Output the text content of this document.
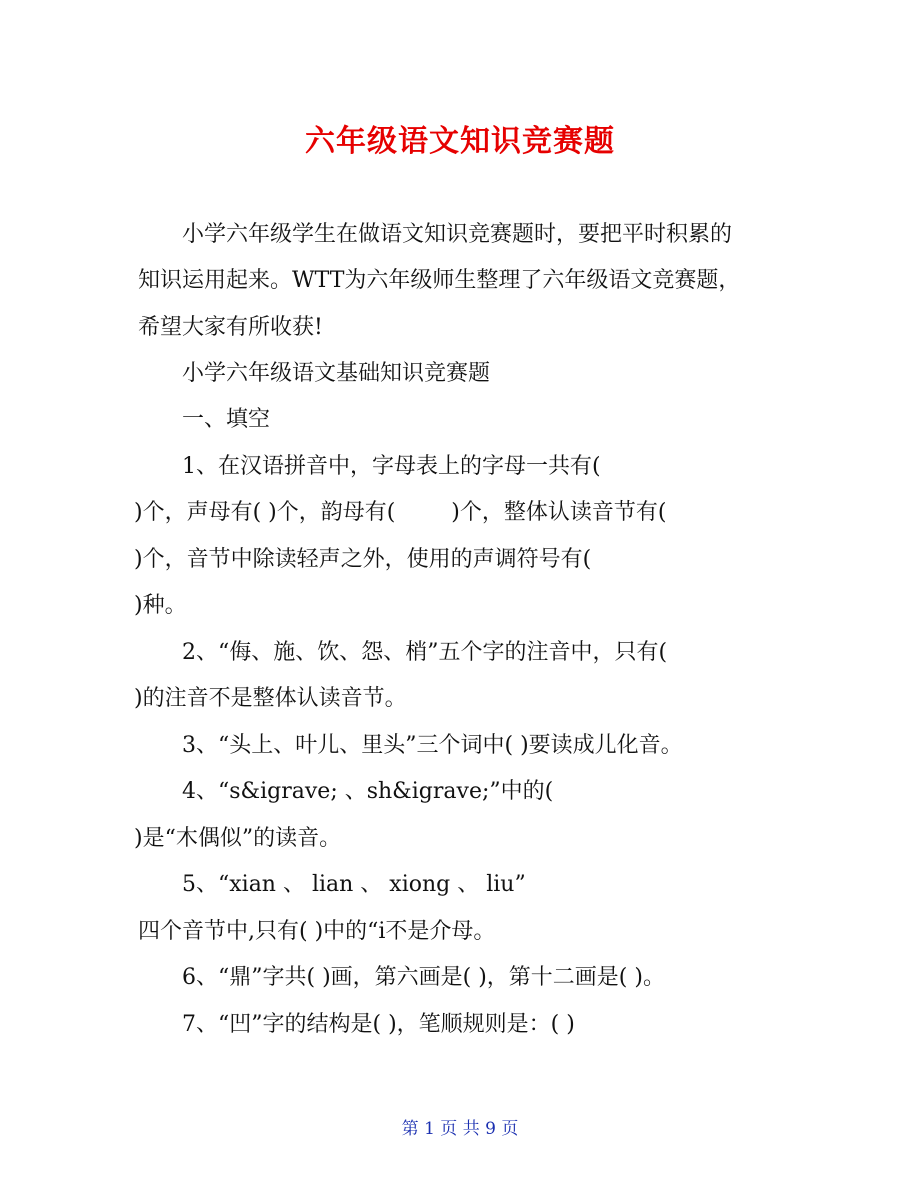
六年级语文知识竞赛题
小学六年级学生在做语文知识竞赛题时，要把平时积累的
知识运用起来。WTT为六年级师生整理了六年级语文竞赛题，
希望大家有所收获!
小学六年级语文基础知识竞赛题
一、填空
1、在汉语拼音中，字母表上的字母一共有(
)个，声母有( )个，韵母有(        )个，整体认读音节有(
)个，音节中除读轻声之外，使用的声调符号有(
)种。
2、“侮、施、饮、怨、梢”五个字的注音中，只有(
)的注音不是整体认读音节。
3、“头上、叶儿、里头”三个词中( )要读成儿化音。
4、“s&igrave; 、sh&igrave;”中的(
)是“木偶似”的读音。
5、“xian 、 lian 、 xiong 、 liu”
四个音节中,只有( )中的“i不是介母。
6、“鼎”字共( )画，第六画是( )，第十二画是( )。
7、“凹”字的结构是( )，笔顺规则是：( )
第 1 页 共 9 页
